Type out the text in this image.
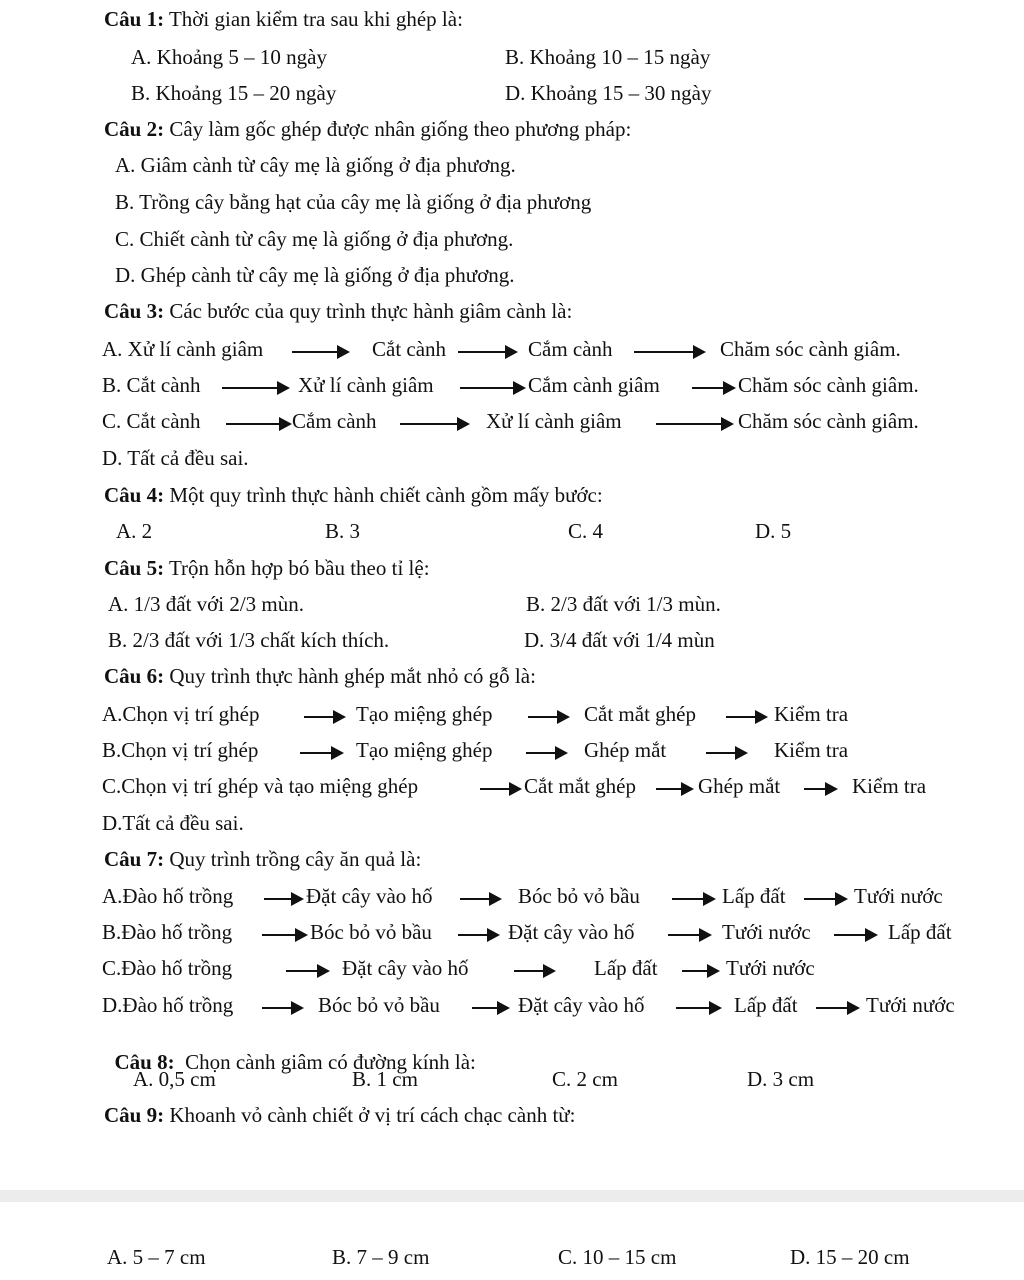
Câu 1: Thời gian kiểm tra sau khi ghép là:
A. Khoảng 5 – 10 ngày	B. Khoảng 10 – 15 ngày
B. Khoảng 15 – 20 ngày	D. Khoảng 15 – 30 ngày
Câu 2: Cây làm gốc ghép được nhân giống theo phương pháp:
A. Giâm cành từ cây mẹ là giống ở địa phương.
B. Trồng cây bằng hạt của cây mẹ là giống ở địa phương
C. Chiết cành từ cây mẹ là giống ở địa phương.
D. Ghép cành từ cây mẹ là giống ở địa phương.
Câu 3: Các bước của quy trình thực hành giâm cành là:
A. Xử lí cành giâm	Cắt cành	Cắm cành	Chăm sóc cành giâm.
B. Cắt cành	Xử lí cành giâm	Cắm cành giâm	Chăm sóc cành giâm.
C. Cắt cành	Cắm cành	Xử lí cành giâm	Chăm sóc cành giâm.
D. Tất cả đều sai.
Câu 4: Một quy trình thực hành chiết cành gồm mấy bước:
A. 2	B. 3	C. 4	D. 5
Câu 5: Trộn hỗn hợp bó bầu theo tỉ lệ:
A. 1/3 đất với 2/3 mùn.	B. 2/3 đất với 1/3 mùn.
B. 2/3 đất với 1/3 chất kích thích.	D. 3/4 đất với 1/4 mùn
Câu 6: Quy trình thực hành ghép mắt nhỏ có gỗ là:
A.Chọn vị trí ghép	Tạo miệng ghép	Cắt mắt ghép	Kiểm tra
B.Chọn vị trí ghép	Tạo miệng ghép	Ghép mắt	Kiểm tra
C.Chọn vị trí ghép và tạo miệng ghép	Cắt mắt ghép	Ghép mắt	Kiểm tra
D.Tất cả đều sai.
Câu 7: Quy trình trồng cây ăn quả là:
A.Đào hố trồng	Đặt cây vào hố	Bóc bỏ vỏ bầu	Lấp đất	Tưới nước
B.Đào hố trồng	Bóc bỏ vỏ bầu	Đặt cây vào hố	Tưới nước	Lấp đất
C.Đào hố trồng	Đặt cây vào hố	Lấp đất	Tưới nước
D.Đào hố trồng	Bóc bỏ vỏ bầu	Đặt cây vào hố	Lấp đất	Tưới nước

Câu 8:  Chọn cành giâm có đường kính là:

A. 0,5 cm	B. 1 cm	C. 2 cm	D. 3 cm
Câu 9: Khoanh vỏ cành chiết ở vị trí cách chạc cành từ:
A. 5 – 7 cm	B. 7 – 9 cm	C. 10 – 15 cm	D. 15 – 20 cm
